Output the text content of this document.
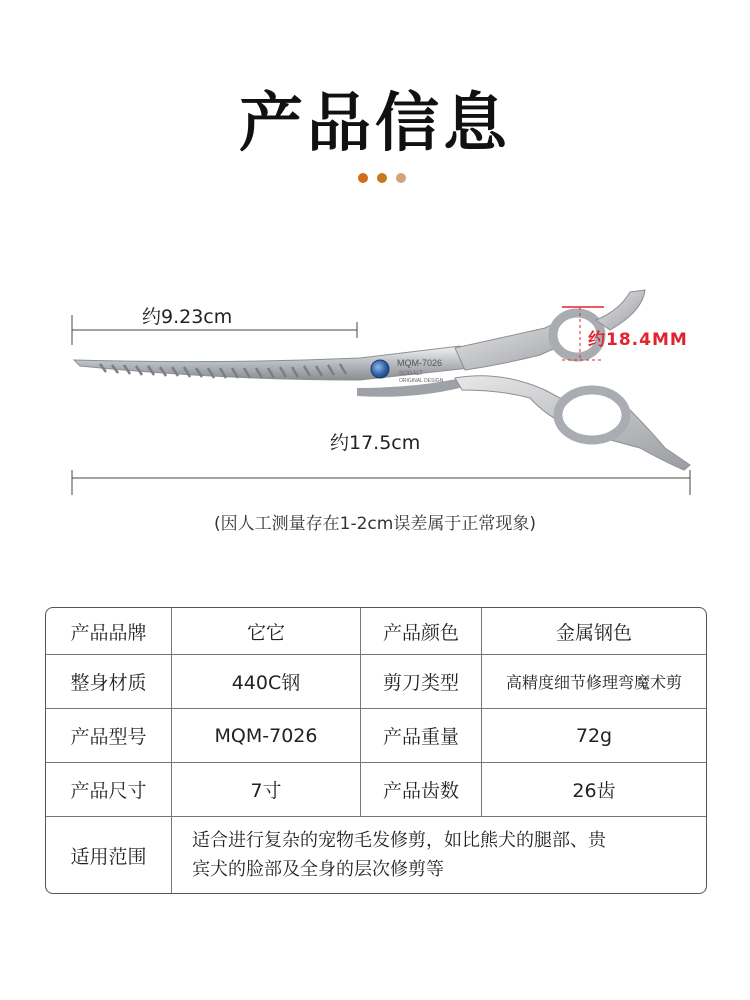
产品信息
MQM-7026
SOGALT
ORIGINAL DESIGN
约9.23cm
约17.5cm
约18.4MM
(因人工测量存在1-2cm误差属于正常现象)
产品品牌	它它	产品颜色	金属钢色
整身材质	440C钢	剪刀类型	高精度细节修理弯魔术剪
产品型号	MQM-7026	产品重量	72g
产品尺寸	7寸	产品齿数	26齿
适用范围	适合进行复杂的宠物毛发修剪，如比熊犬的腿部、贵
宾犬的脸部及全身的层次修剪等		
